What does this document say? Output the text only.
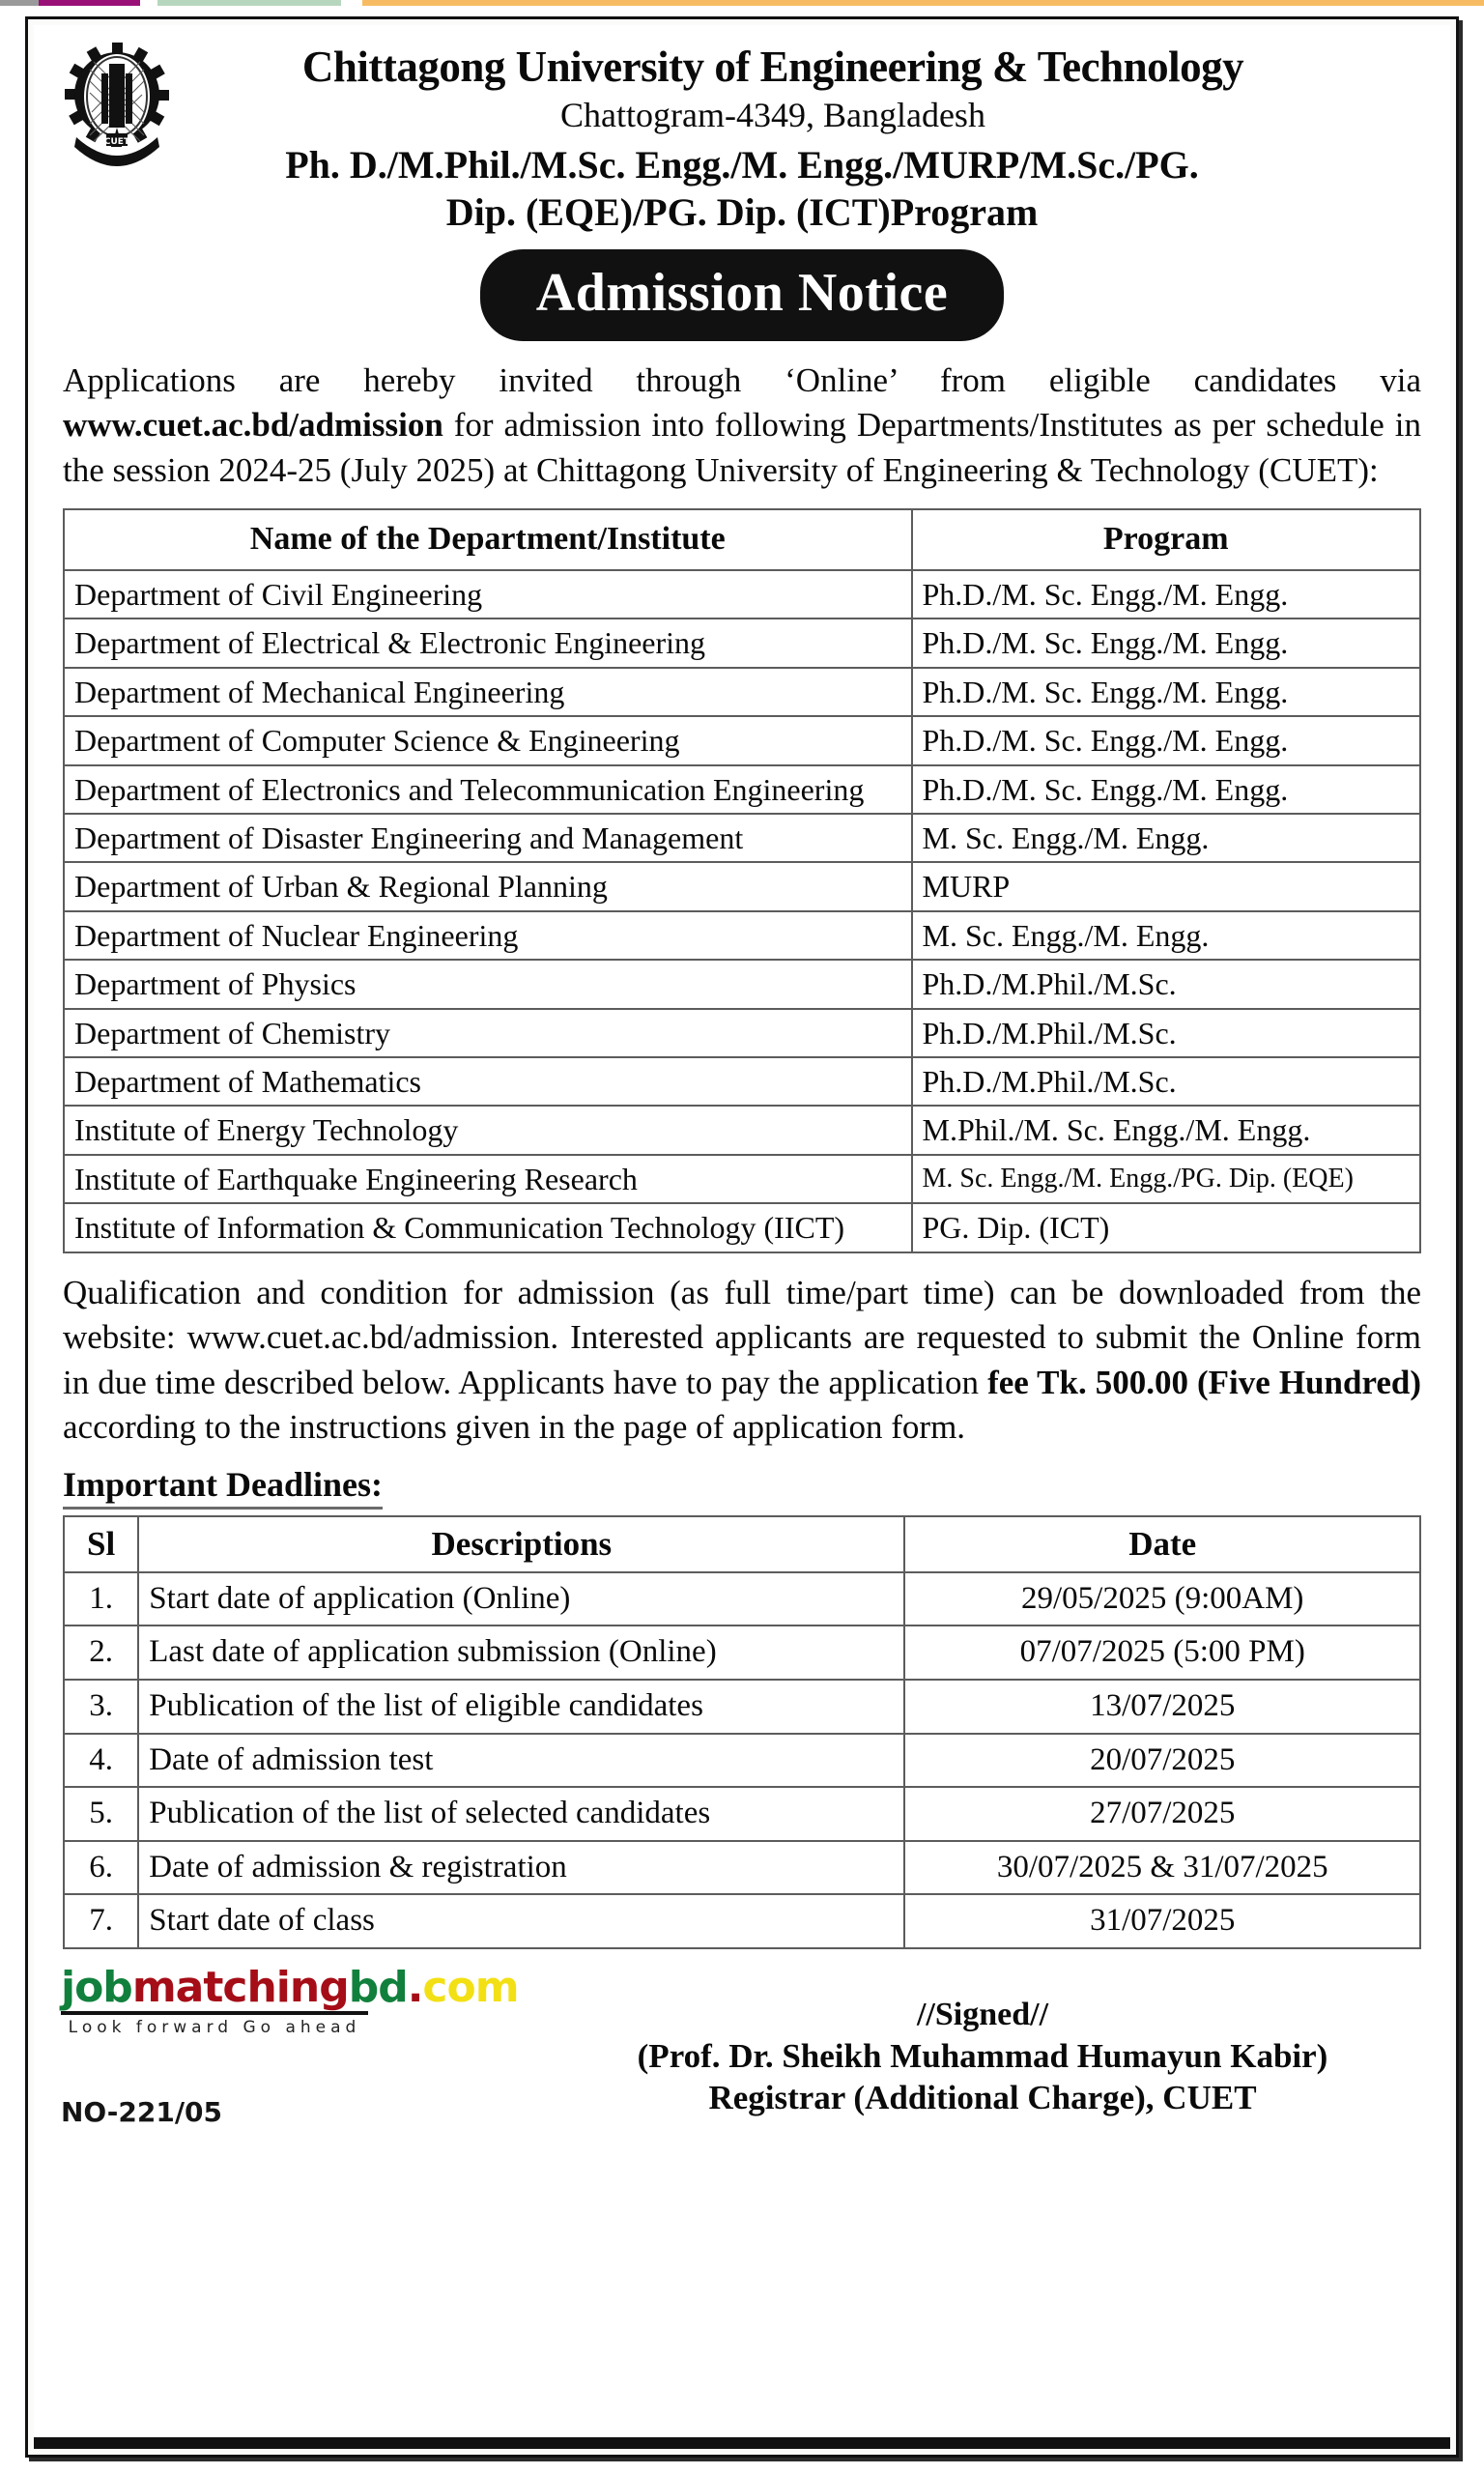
CUET
Chittagong University of Engineering & Technology
Chattogram-4349, Bangladesh
Ph. D./M.Phil./M.Sc. Engg./M. Engg./MURP/M.Sc./PG.
Dip. (EQE)/PG. Dip. (ICT)Program
Admission Notice

Applications are hereby invited through ‘Online’ from eligible candidates via www.cuet.ac.bd/admission for admission into following Departments/Institutes as per schedule in the session 2024-25 (July 2025) at Chittagong University of Engineering & Technology (CUET):

Name of the Department/Institute	Program
Department of Civil Engineering	Ph.D./M. Sc. Engg./M. Engg.
Department of Electrical & Electronic Engineering	Ph.D./M. Sc. Engg./M. Engg.
Department of Mechanical Engineering	Ph.D./M. Sc. Engg./M. Engg.
Department of Computer Science & Engineering	Ph.D./M. Sc. Engg./M. Engg.
Department of Electronics and Telecommunication Engineering	Ph.D./M. Sc. Engg./M. Engg.
Department of Disaster Engineering and Management	M. Sc. Engg./M. Engg.
Department of Urban & Regional Planning	MURP
Department of Nuclear Engineering	M. Sc. Engg./M. Engg.
Department of Physics	Ph.D./M.Phil./M.Sc.
Department of Chemistry	Ph.D./M.Phil./M.Sc.
Department of Mathematics	Ph.D./M.Phil./M.Sc.
Institute of Energy Technology	M.Phil./M. Sc. Engg./M. Engg.
Institute of Earthquake Engineering Research	M. Sc. Engg./M. Engg./PG. Dip. (EQE)
Institute of Information & Communication Technology (IICT)	PG. Dip. (ICT)

Qualification and condition for admission (as full time/part time) can be downloaded from the website: www.cuet.ac.bd/admission. Interested applicants are requested to submit the Online form in due time described below. Applicants have to pay the application fee Tk. 500.00 (Five Hundred) according to the instructions given in the page of application form.

Important Deadlines:
Sl	Descriptions	Date
1.	Start date of application (Online)	29/05/2025 (9:00AM)
2.	Last date of application submission (Online)	07/07/2025 (5:00 PM)
3.	Publication of the list of eligible candidates	13/07/2025
4.	Date of admission test	20/07/2025
5.	Publication of the list of selected candidates	27/07/2025
6.	Date of admission & registration	30/07/2025 & 31/07/2025
7.	Start date of class	31/07/2025
jobmatchingbd.com
Look forward Go ahead
NO-221/05
//Signed//
(Prof. Dr. Sheikh Muhammad Humayun Kabir)
Registrar (Additional Charge), CUET
